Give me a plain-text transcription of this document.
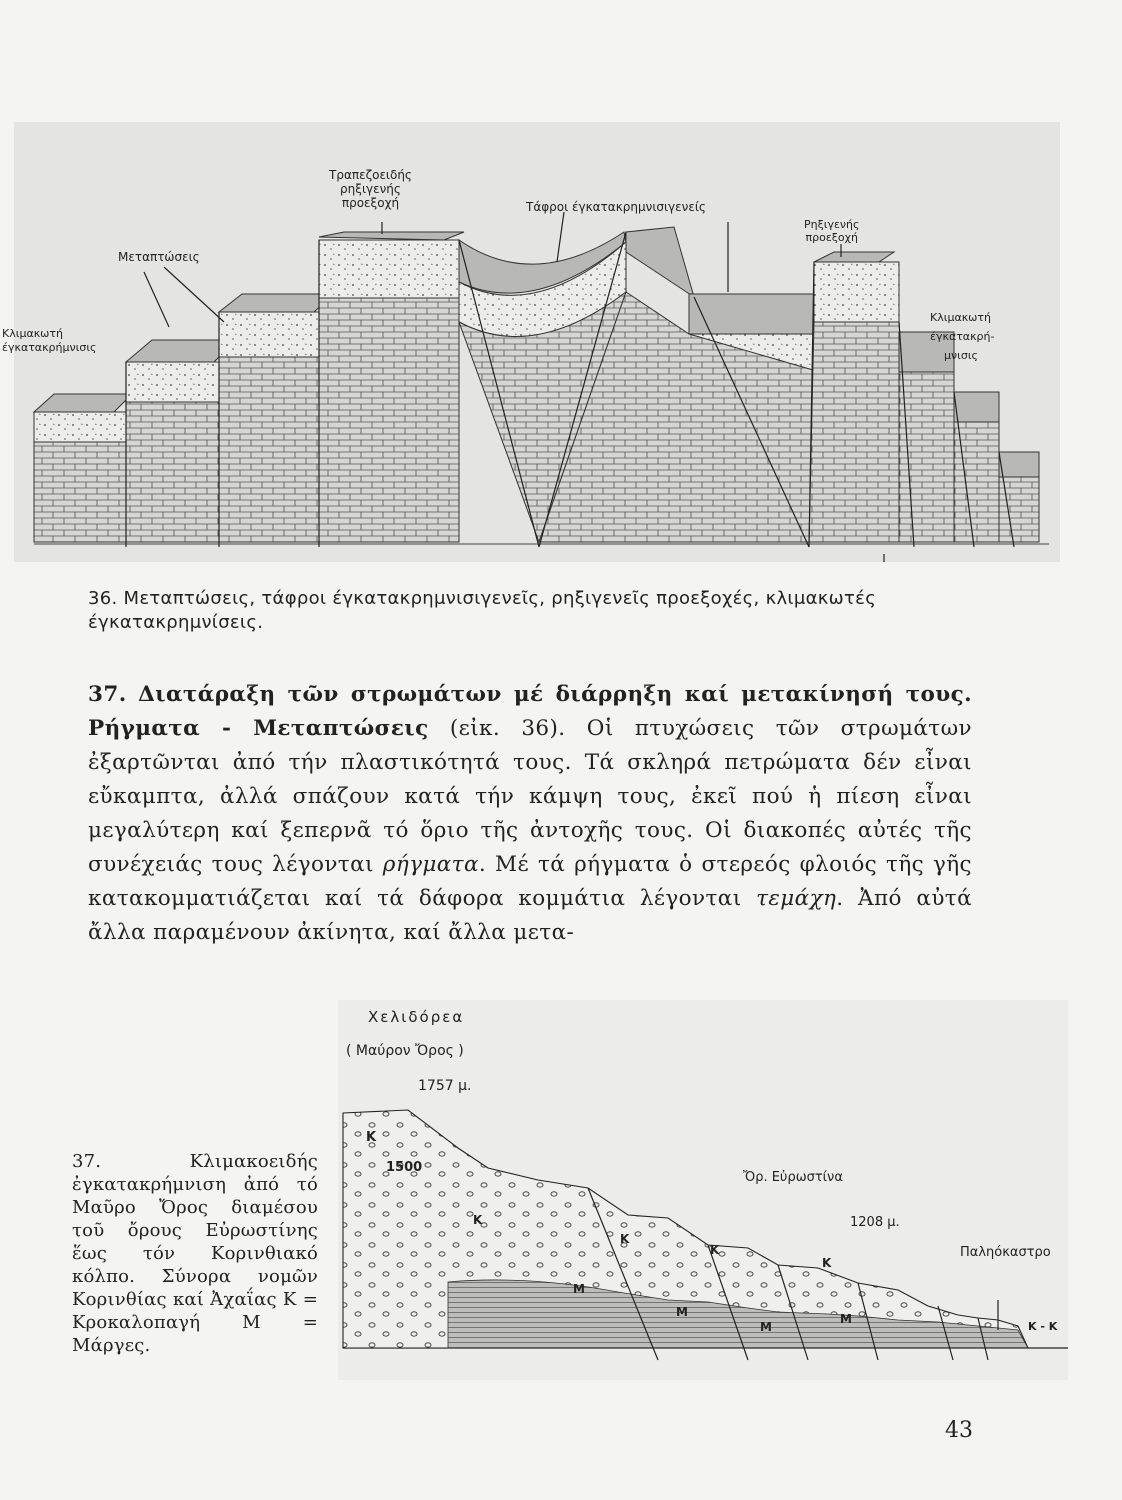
Τραπεζοειδής
ρηξιγενής
προεξοχή	Τάφροι έγκατακρημνισιγενείς
Μεταπτώσεις
Ρηξιγενής
προεξοχή
Κλιμακωτή
έγκατακρήμνισις
Κλιμακωτή
έγκατακρή-
μνισις
36. Μεταπτώσεις, τάφροι έγκατακρημνισιγενεῖς, ρηξιγενεῖς προεξοχές, κλιμακωτές έγκατακρημνίσεις.
37. Διατάραξη τῶν στρωμάτων μέ διάρρηξη καί μετακίνησή τους. Ρήγματα - Μεταπτώσεις (εἰκ. 36). Οἱ πτυχώσεις τῶν στρωμάτων ἐξαρτῶνται ἀπό τήν πλαστικότητά τους. Τά σκληρά πετρώματα δέν εἶναι εὔκαμπτα, ἀλλά σπάζουν κατά τήν κάμψη τους, ἐκεῖ πού ἡ πίεση εἶναι μεγαλύτερη καί ξεπερνᾶ τό ὅριο τῆς ἀντοχῆς τους. Οἱ διακοπές αὐτές τῆς συνέχειάς τους λέγονται ρήγματα. Μέ τά ρήγματα ὁ στερεός φλοιός τῆς γῆς κατακομματιάζεται καί τά δάφορα κομμάτια λέγονται τεμάχη. Ἀπό αὐτά ἄλλα παραμένουν ἀκίνητα, καί ἄλλα μετα-
Χελιδόρεα
( Μαύρον Ὄρος )
1757 μ.
Κ
1500
Ὄρ. Εὐρωστίνα
1208 μ.
Παληόκαστρο
Κ
Κ
Κ
Κ
Μ
Μ
Μ
Μ
Κ - Κ
37. Κλιμακοειδής ἐγκατακρήμνιση ἀπό τό Μαῦρο Ὄρος διαμέσου τοῦ ὄρους Εὐρωστίνης ἕως τόν Κορινθιακό κόλπο. Σύνορα νομῶν Κορινθίας καί Ἀχαΐας Κ = Κροκαλοπαγή Μ = Μάργες.
43
